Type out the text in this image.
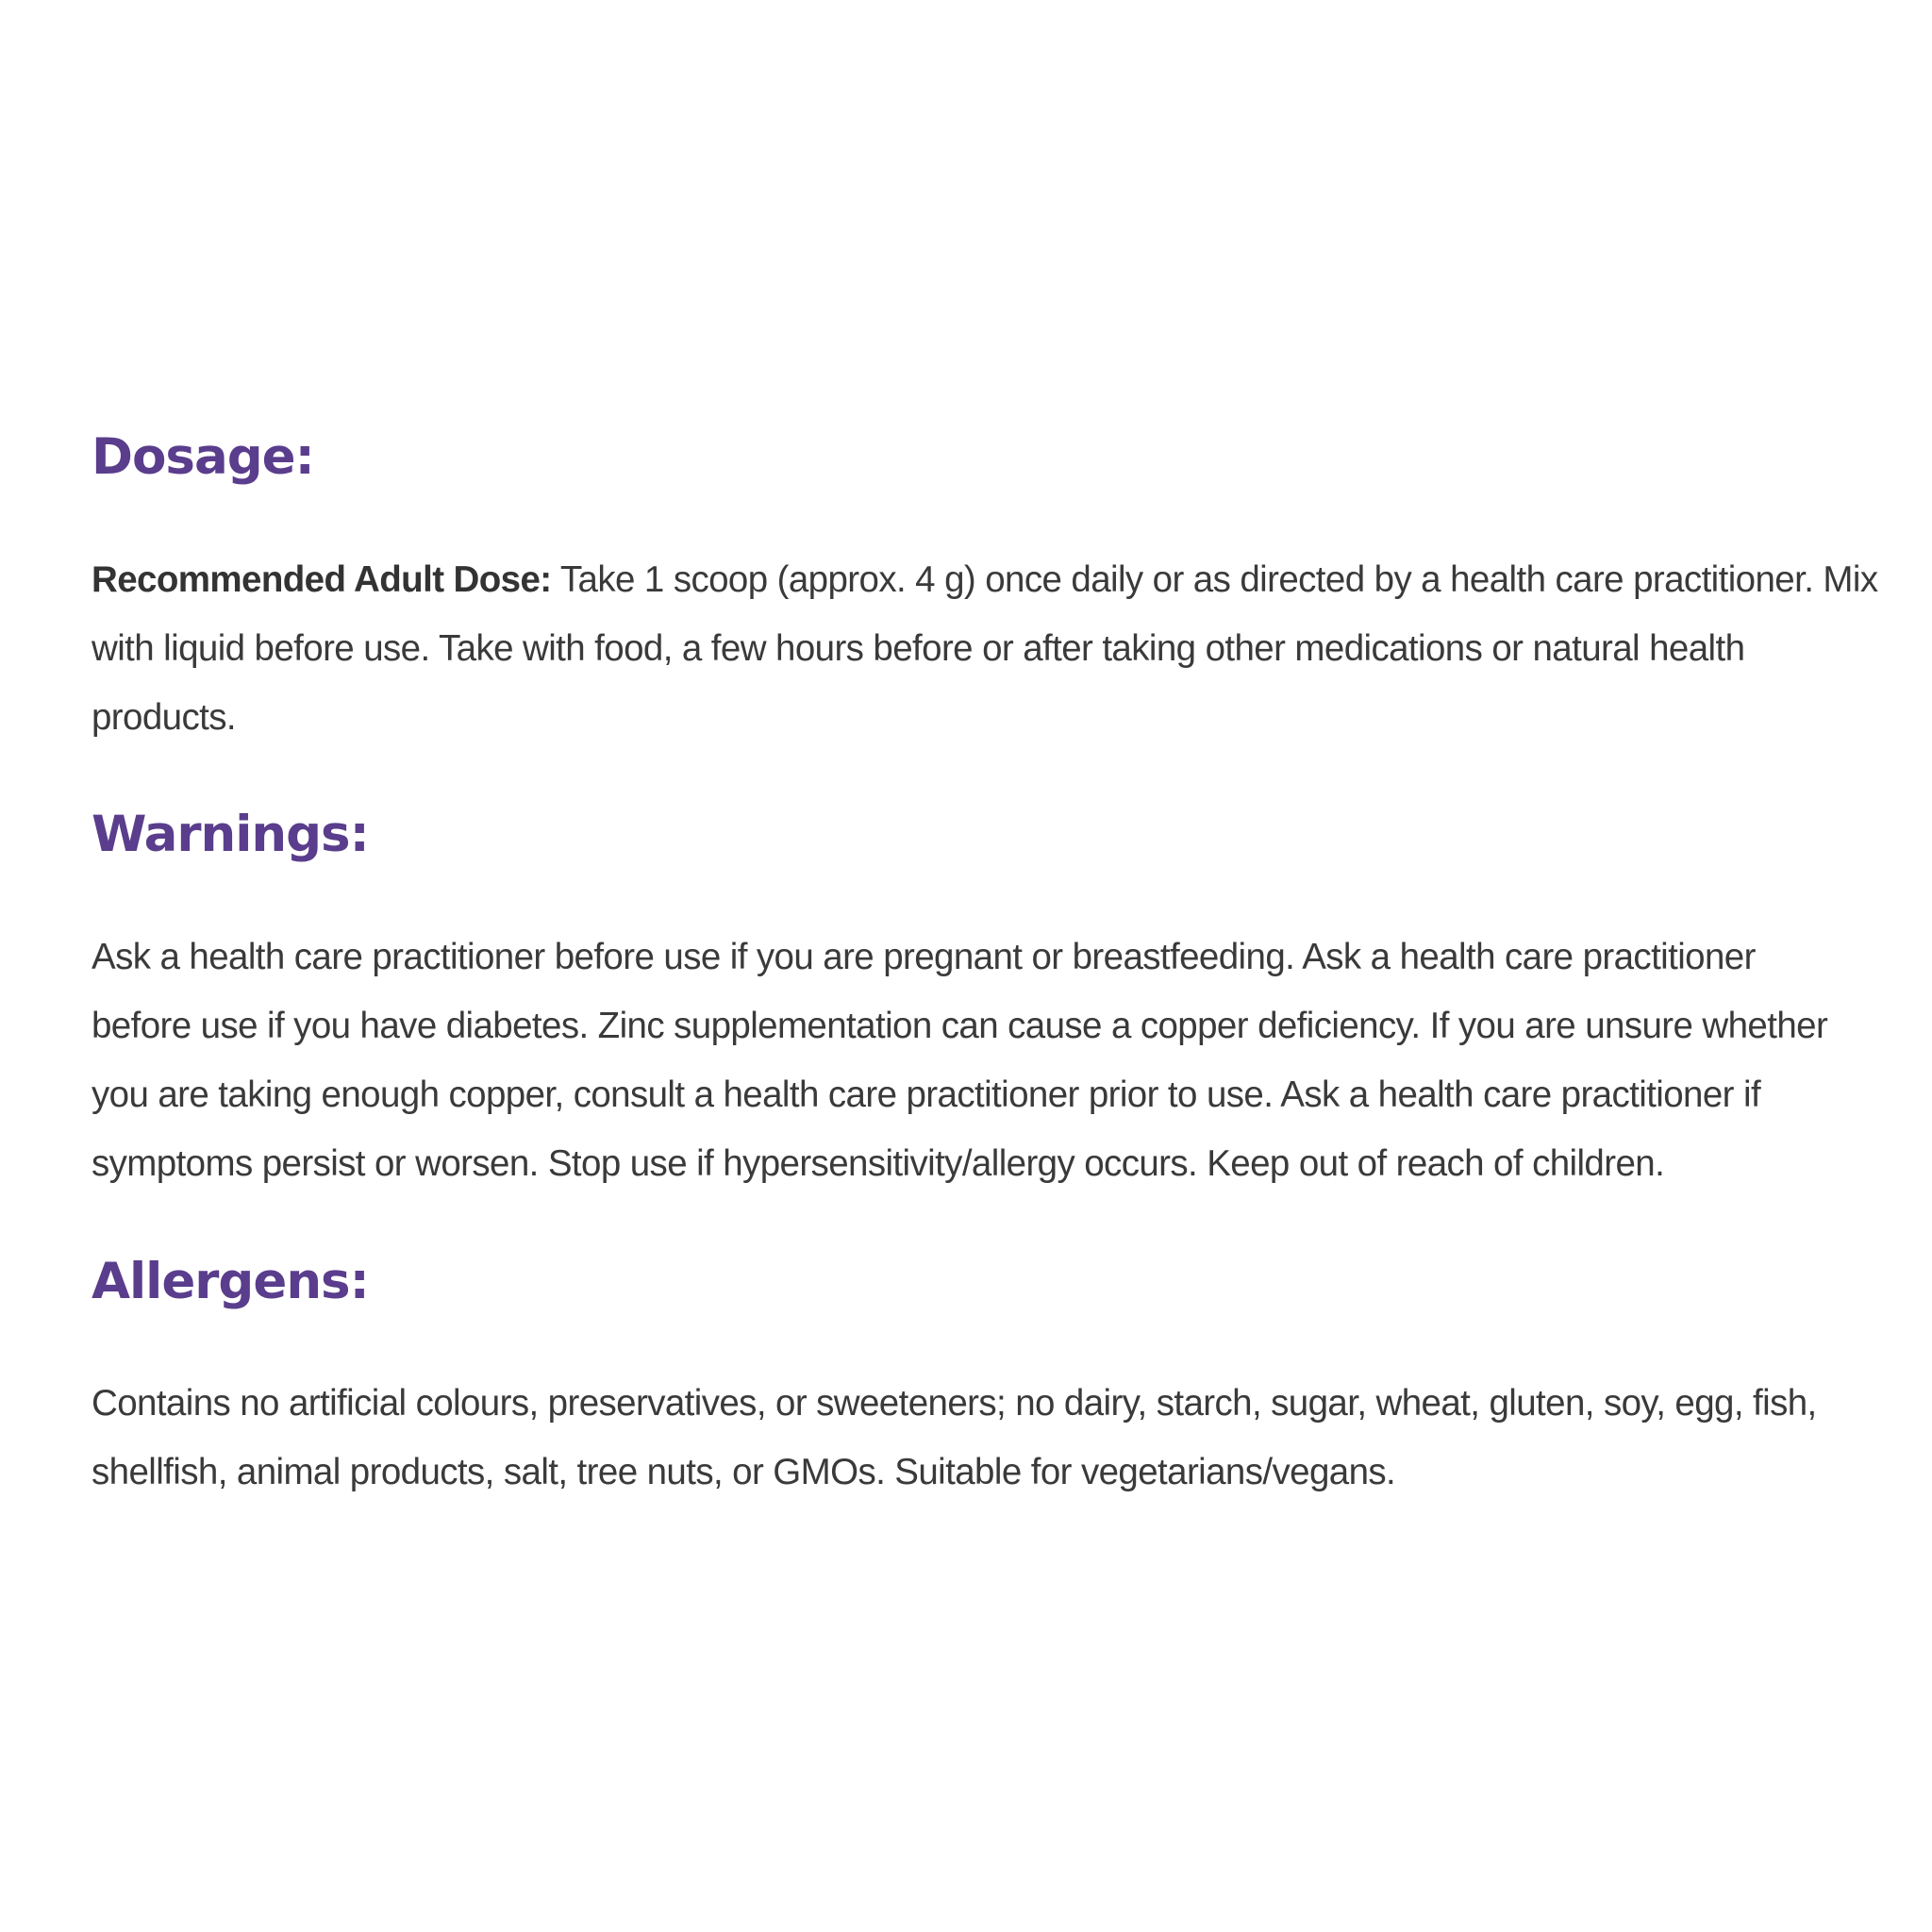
Dosage:
Recommended Adult Dose: Take 1 scoop (approx. 4 g) once daily or as directed by a health care practitioner. Mix
with liquid before use. Take with food, a few hours before or after taking other medications or natural health
products.
Warnings:
Ask a health care practitioner before use if you are pregnant or breastfeeding. Ask a health care practitioner
before use if you have diabetes. Zinc supplementation can cause a copper deficiency. If you are unsure whether
you are taking enough copper, consult a health care practitioner prior to use. Ask a health care practitioner if
symptoms persist or worsen. Stop use if hypersensitivity/allergy occurs. Keep out of reach of children.
Allergens:
Contains no artificial colours, preservatives, or sweeteners; no dairy, starch, sugar, wheat, gluten, soy, egg, fish,
shellfish, animal products, salt, tree nuts, or GMOs. Suitable for vegetarians/vegans.
